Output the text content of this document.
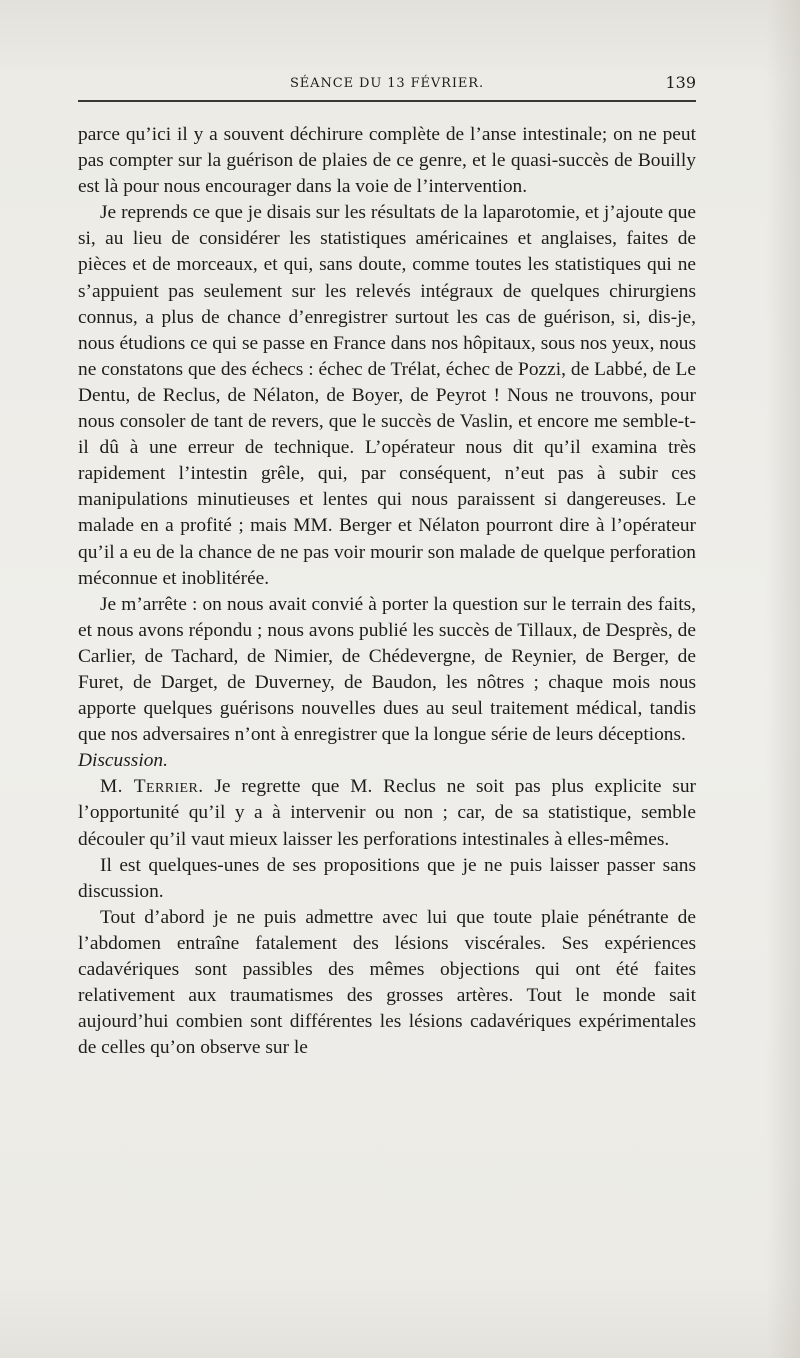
SÉANCE DU 13 FÉVRIER.	139

parce qu’ici il y a souvent déchirure complète de l’anse intestinale; on ne peut pas compter sur la guérison de plaies de ce genre, et le quasi-succès de Bouilly est là pour nous encourager dans la voie de l’intervention.

Je reprends ce que je disais sur les résultats de la laparotomie, et j’ajoute que si, au lieu de considérer les statistiques américaines et anglaises, faites de pièces et de morceaux, et qui, sans doute, comme toutes les statistiques qui ne s’appuient pas seulement sur les relevés intégraux de quelques chirurgiens connus, a plus de chance d’enregistrer surtout les cas de guérison, si, dis-je, nous étudions ce qui se passe en France dans nos hôpitaux, sous nos yeux, nous ne constatons que des échecs : échec de Trélat, échec de Pozzi, de Labbé, de Le Dentu, de Reclus, de Nélaton, de Boyer, de Peyrot ! Nous ne trouvons, pour nous consoler de tant de revers, que le succès de Vaslin, et encore me semble-t-il dû à une erreur de technique. L’opérateur nous dit qu’il examina très rapidement l’intestin grêle, qui, par conséquent, n’eut pas à subir ces manipulations minutieuses et lentes qui nous paraissent si dangereuses. Le malade en a profité ; mais MM. Berger et Nélaton pourront dire à l’opérateur qu’il a eu de la chance de ne pas voir mourir son malade de quelque perforation méconnue et inoblitérée.

Je m’arrête : on nous avait convié à porter la question sur le terrain des faits, et nous avons répondu ; nous avons publié les succès de Tillaux, de Desprès, de Carlier, de Tachard, de Nimier, de Chédevergne, de Reynier, de Berger, de Furet, de Darget, de Duverney, de Baudon, les nôtres ; chaque mois nous apporte quelques guérisons nouvelles dues au seul traitement médical, tandis que nos adversaires n’ont à enregistrer que la longue série de leurs déceptions.

Discussion.

M. Terrier. Je regrette que M. Reclus ne soit pas plus explicite sur l’opportunité qu’il y a à intervenir ou non ; car, de sa statistique, semble découler qu’il vaut mieux laisser les perforations intestinales à elles-mêmes.

Il est quelques-unes de ses propositions que je ne puis laisser passer sans discussion.

Tout d’abord je ne puis admettre avec lui que toute plaie pénétrante de l’abdomen entraîne fatalement des lésions viscérales. Ses expériences cadavériques sont passibles des mêmes objections qui ont été faites relativement aux traumatismes des grosses artères. Tout le monde sait aujourd’hui combien sont différentes les lésions cadavériques expérimentales de celles qu’on observe sur le
